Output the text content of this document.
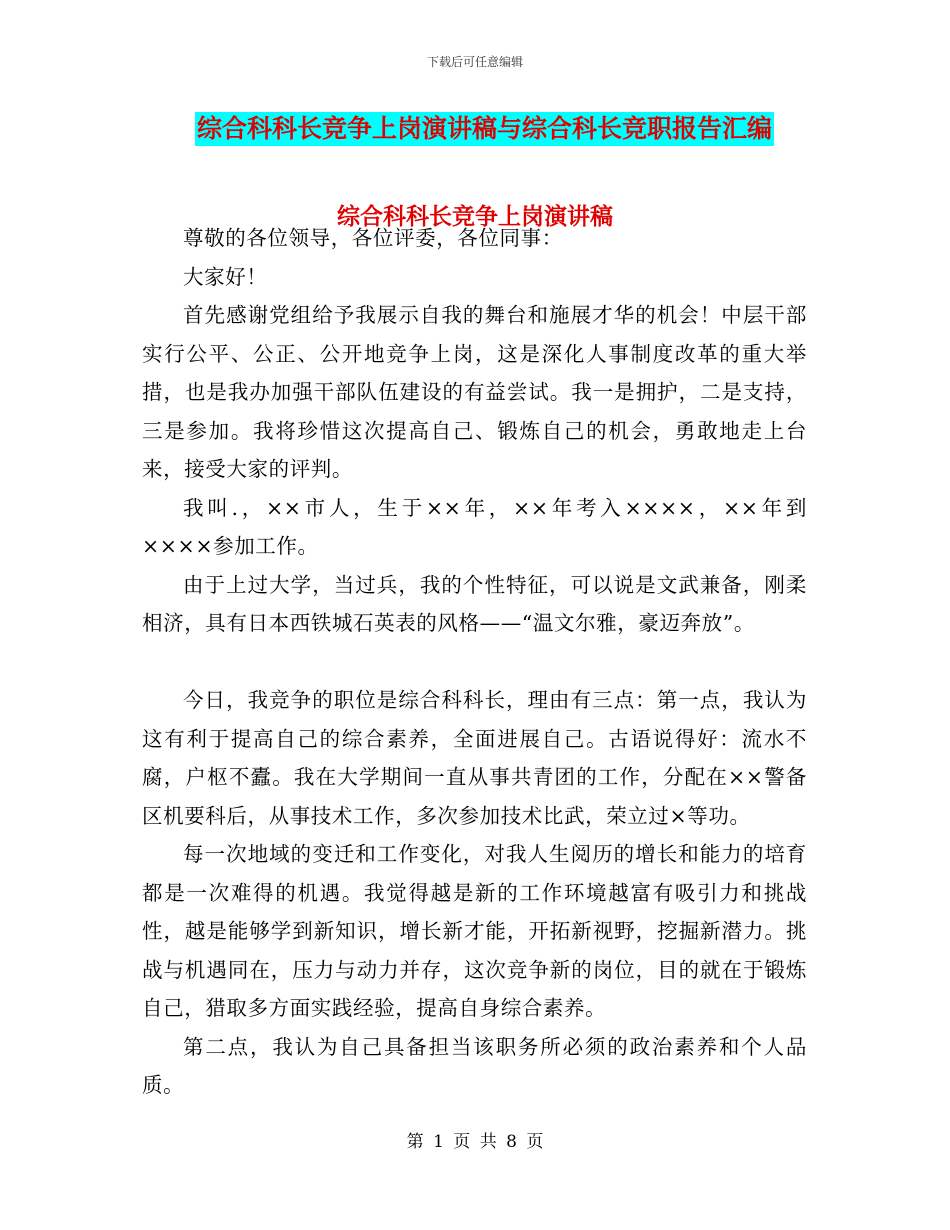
下载后可任意编辑
综合科科长竞争上岗演讲稿与综合科长竞职报告汇编
综合科科长竞争上岗演讲稿

尊敬的各位领导，各位评委，各位同事：

大家好！

首先感谢党组给予我展示自我的舞台和施展才华的机会！中层干部实行公平、公正、公开地竞争上岗，这是深化人事制度改革的重大举措，也是我办加强干部队伍建设的有益尝试。我一是拥护，二是支持，三是参加。我将珍惜这次提高自己、锻炼自己的机会，勇敢地走上台来，接受大家的评判。

我叫.，××市人，生于××年，××年考入××××，××年到××××参加工作。

由于上过大学，当过兵，我的个性特征，可以说是文武兼备，刚柔相济，具有日本西铁城石英表的风格——“温文尔雅，豪迈奔放”。

今日，我竞争的职位是综合科科长，理由有三点：第一点，我认为这有利于提高自己的综合素养，全面进展自己。古语说得好：流水不腐，户枢不蠹。我在大学期间一直从事共青团的工作，分配在××警备区机要科后，从事技术工作，多次参加技术比武，荣立过×等功。

每一次地域的变迁和工作变化，对我人生阅历的增长和能力的培育都是一次难得的机遇。我觉得越是新的工作环境越富有吸引力和挑战性，越是能够学到新知识，增长新才能，开拓新视野，挖掘新潜力。挑战与机遇同在，压力与动力并存，这次竞争新的岗位，目的就在于锻炼自己，猎取多方面实践经验，提高自身综合素养。

第二点，我认为自己具备担当该职务所必须的政治素养和个人品质。

第 1 页 共 8 页
